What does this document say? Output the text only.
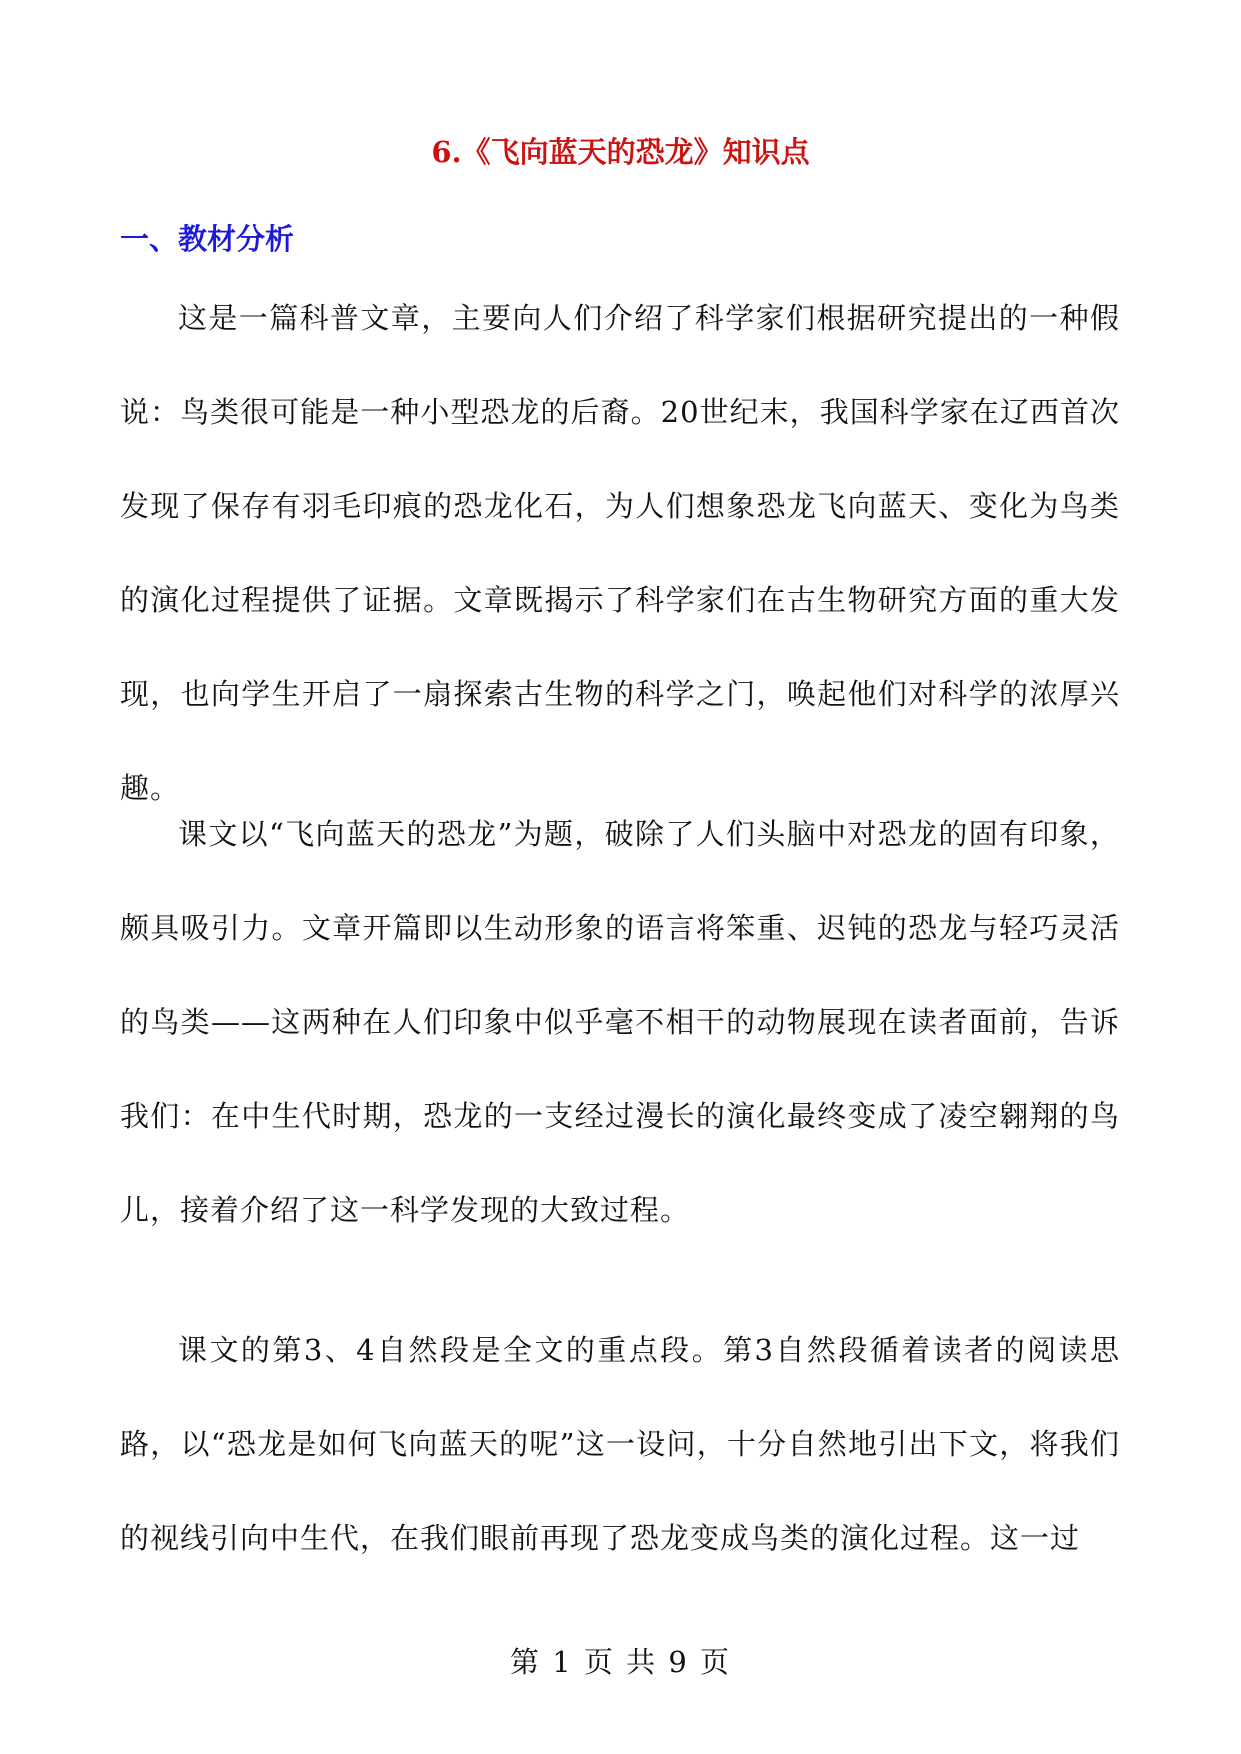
6.《飞向蓝天的恐龙》知识点
一、教材分析

这是一篇科普文章，主要向人们介绍了科学家们根据研究提出的一种假说：鸟类很可能是一种小型恐龙的后裔。20世纪末，我国科学家在辽西首次发现了保存有羽毛印痕的恐龙化石，为人们想象恐龙飞向蓝天、变化为鸟类的演化过程提供了证据。文章既揭示了科学家们在古生物研究方面的重大发现，也向学生开启了一扇探索古生物的科学之门，唤起他们对科学的浓厚兴趣。

课文以“飞向蓝天的恐龙”为题，破除了人们头脑中对恐龙的固有印象，颇具吸引力。文章开篇即以生动形象的语言将笨重、迟钝的恐龙与轻巧灵活的鸟类——这两种在人们印象中似乎毫不相干的动物展现在读者面前，告诉我们：在中生代时期，恐龙的一支经过漫长的演化最终变成了凌空翱翔的鸟儿，接着介绍了这一科学发现的大致过程。

课文的第3、4自然段是全文的重点段。第3自然段循着读者的阅读思路，以“恐龙是如何飞向蓝天的呢”这一设问，十分自然地引出下文，将我们的视线引向中生代，在我们眼前再现了恐龙变成鸟类的演化过程。这一过

第 1 页 共 9 页
